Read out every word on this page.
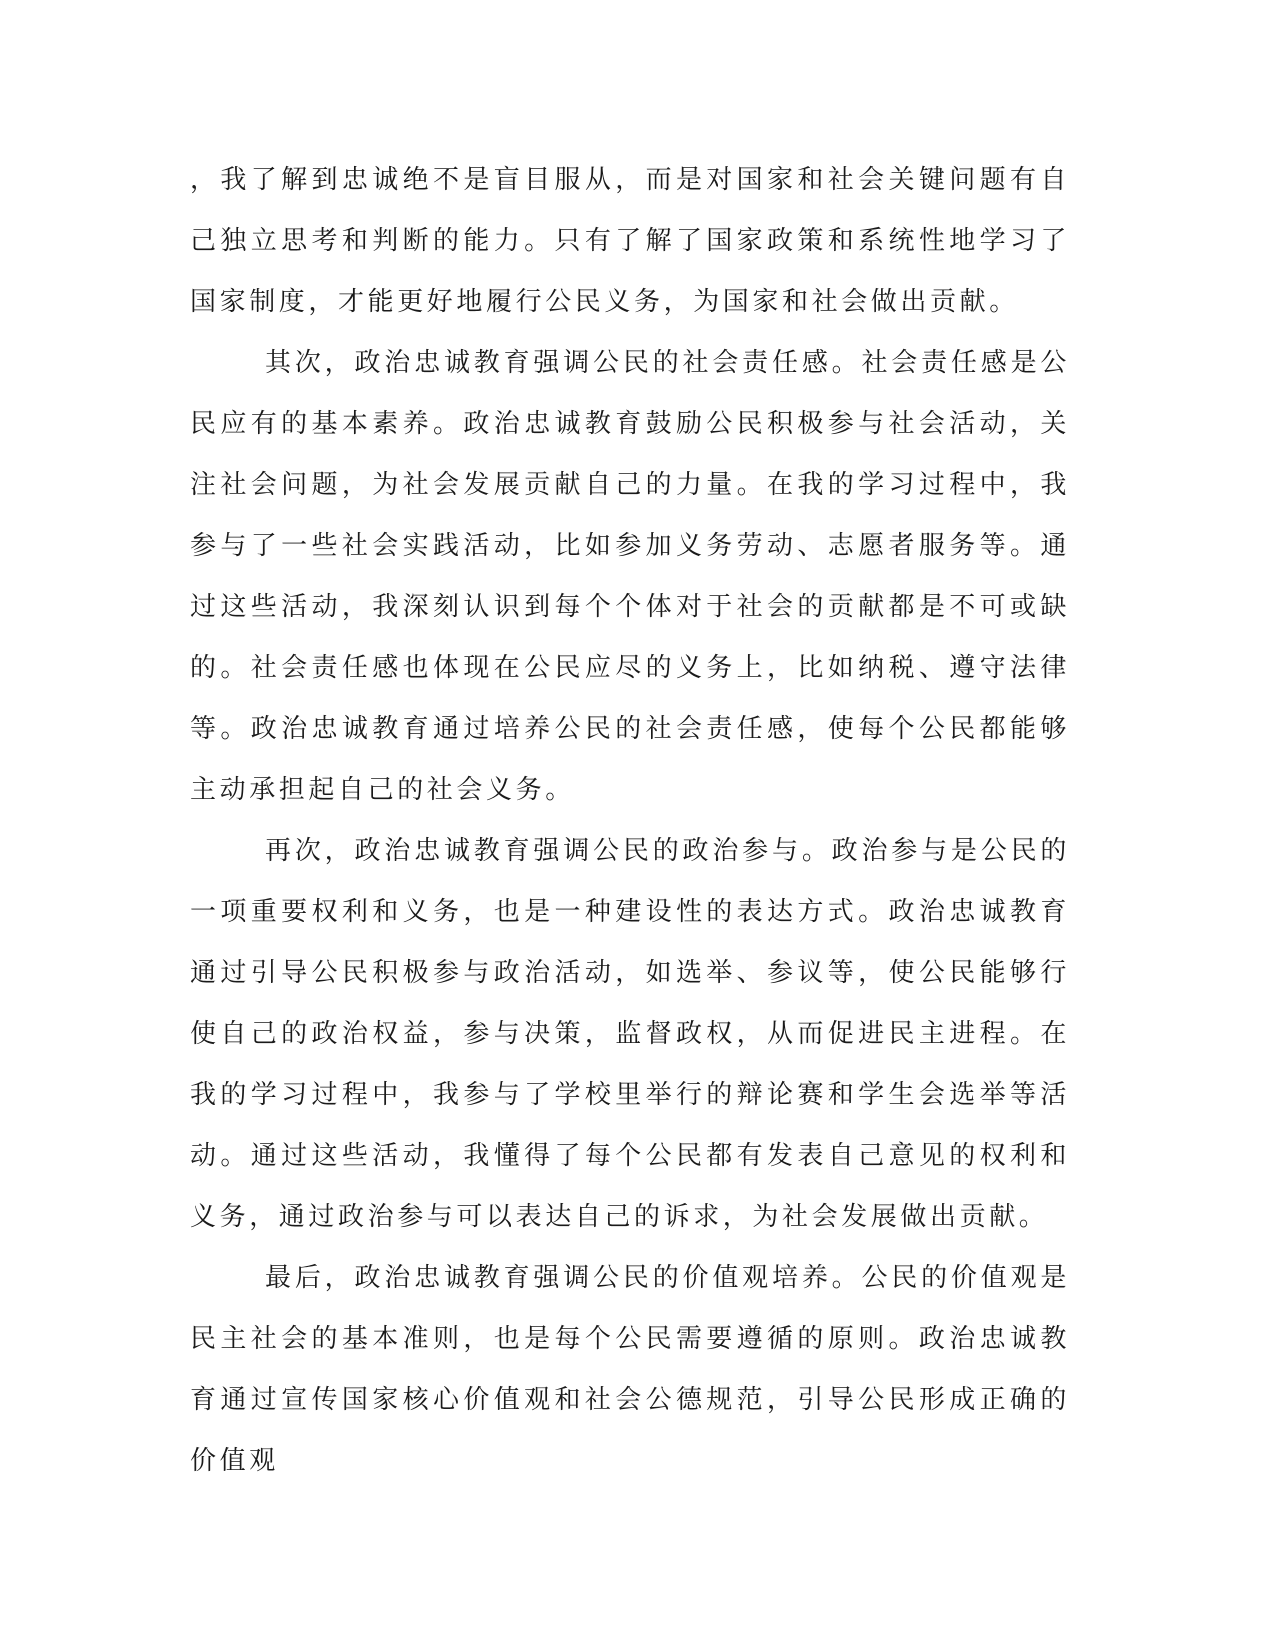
，我了解到忠诚绝不是盲目服从，而是对国家和社会关键问题有自己独立思考和判断的能力。只有了解了国家政策和系统性地学习了国家制度，才能更好地履行公民义务，为国家和社会做出贡献。

其次，政治忠诚教育强调公民的社会责任感。社会责任感是公民应有的基本素养。政治忠诚教育鼓励公民积极参与社会活动，关注社会问题，为社会发展贡献自己的力量。在我的学习过程中，我参与了一些社会实践活动，比如参加义务劳动、志愿者服务等。通过这些活动，我深刻认识到每个个体对于社会的贡献都是不可或缺的。社会责任感也体现在公民应尽的义务上，比如纳税、遵守法律等。政治忠诚教育通过培养公民的社会责任感，使每个公民都能够主动承担起自己的社会义务。

再次，政治忠诚教育强调公民的政治参与。政治参与是公民的一项重要权利和义务，也是一种建设性的表达方式。政治忠诚教育通过引导公民积极参与政治活动，如选举、参议等，使公民能够行使自己的政治权益，参与决策，监督政权，从而促进民主进程。在我的学习过程中，我参与了学校里举行的辩论赛和学生会选举等活动。通过这些活动，我懂得了每个公民都有发表自己意见的权利和义务，通过政治参与可以表达自己的诉求，为社会发展做出贡献。

最后，政治忠诚教育强调公民的价值观培养。公民的价值观是民主社会的基本准则，也是每个公民需要遵循的原则。政治忠诚教育通过宣传国家核心价值观和社会公德规范，引导公民形成正确的价值观
